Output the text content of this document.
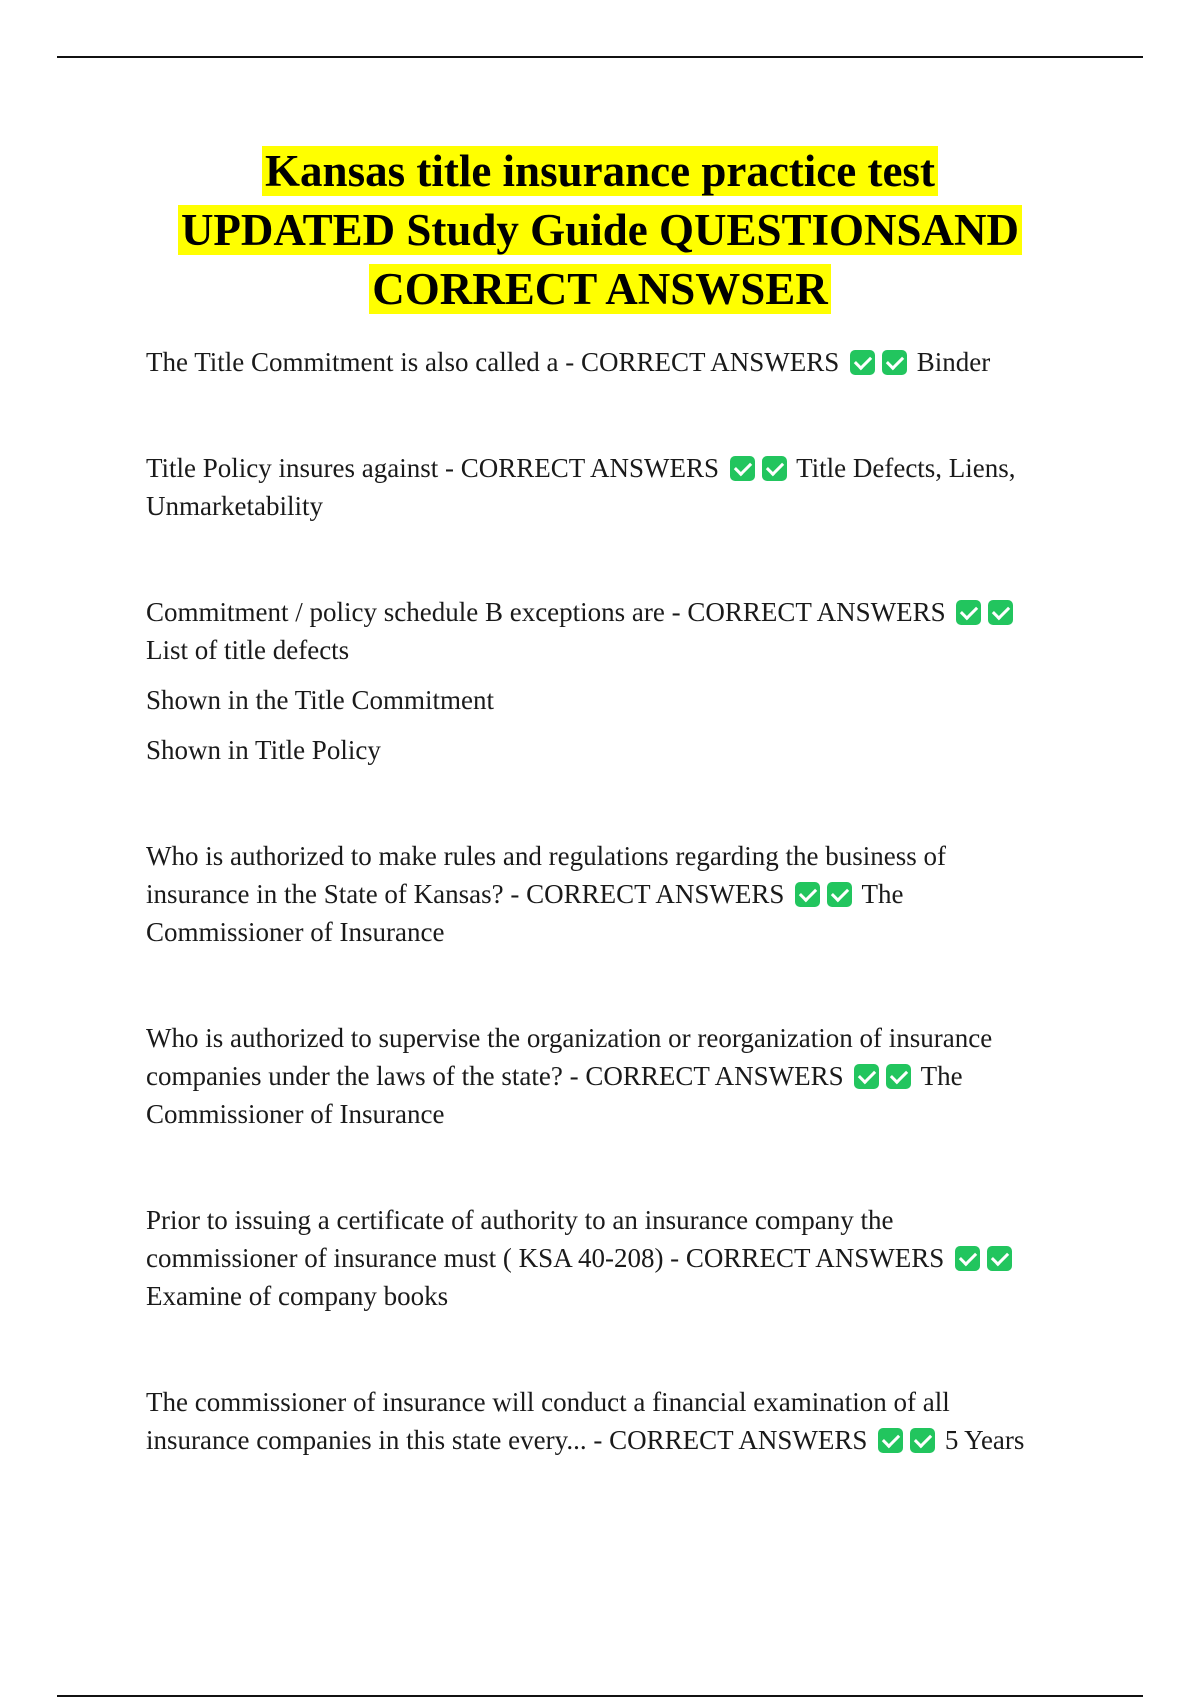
Kansas title insurance practice test
UPDATED Study Guide QUESTIONSAND
CORRECT ANSWSER

The Title Commitment is also called a - CORRECT ANSWERS	Binder

Title Policy insures against - CORRECT ANSWERS	Title Defects, Liens, Unmarketability

Commitment / policy schedule B exceptions are - CORRECT ANSWERS  List of title defects

Shown in the Title Commitment

Shown in Title Policy

Who is authorized to make rules and regulations regarding the business of insurance in the State of Kansas? - CORRECT ANSWERS	The Commissioner of Insurance

Who is authorized to supervise the organization or reorganization of insurance companies under the laws of the state? - CORRECT ANSWERS	The Commissioner of Insurance

Prior to issuing a certificate of authority to an insurance company the commissioner of insurance must ( KSA 40-208) - CORRECT ANSWERS  Examine of company books

The commissioner of insurance will conduct a financial examination of all insurance companies in this state every... - CORRECT ANSWERS	5 Years
